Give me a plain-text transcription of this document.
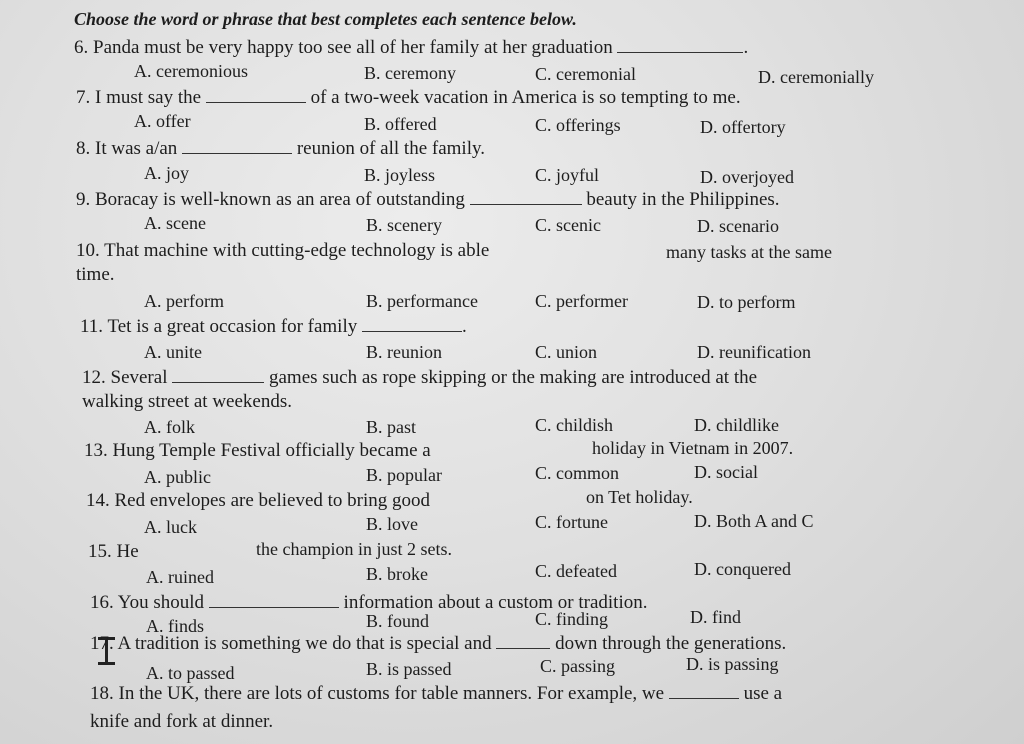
Choose the word or phrase that best completes each sentence below.
6. Panda must be very happy too see all of her family at her graduation	.
A. ceremonious	B. ceremony	C. ceremonial	D. ceremonially
7. I must say the	of a two-week vacation in America is so tempting to me.
A. offer	B. offered	C. offerings	D. offertory
8. It was a/an	reunion of all the family.
A. joy	B. joyless	C. joyful	D. overjoyed
9. Boracay is well-known as an area of outstanding	beauty in the Philippines.
A. scene	B. scenery	C. scenic	D. scenario
10. That machine with cutting-edge technology is able	many tasks at the same
time.
A. perform	B. performance	C. performer	D. to perform
11. Tet is a great occasion for family	.
A. unite	B. reunion	C. union	D. reunification
12. Several	games such as rope skipping or the making are introduced at the
walking street at weekends.
A. folk	B. past	C. childish	D. childlike
13. Hung Temple Festival officially became a	holiday in Vietnam in 2007.
A. public	B. popular	C. common	D. social
14. Red envelopes are believed to bring good	on Tet holiday.
A. luck	B. love	C. fortune	D. Both A and C
15. He	the champion in just 2 sets.
A. ruined	B. broke	C. defeated	D. conquered
16. You should	information about a custom or tradition.
A. finds	B. found	C. finding	D. find
17. A tradition is something we do that is special and	down through the generations.
A. to passed	B. is passed	C. passing	D. is passing
18. In the UK, there are lots of customs for table manners. For example, we	use a
knife and fork at dinner.
